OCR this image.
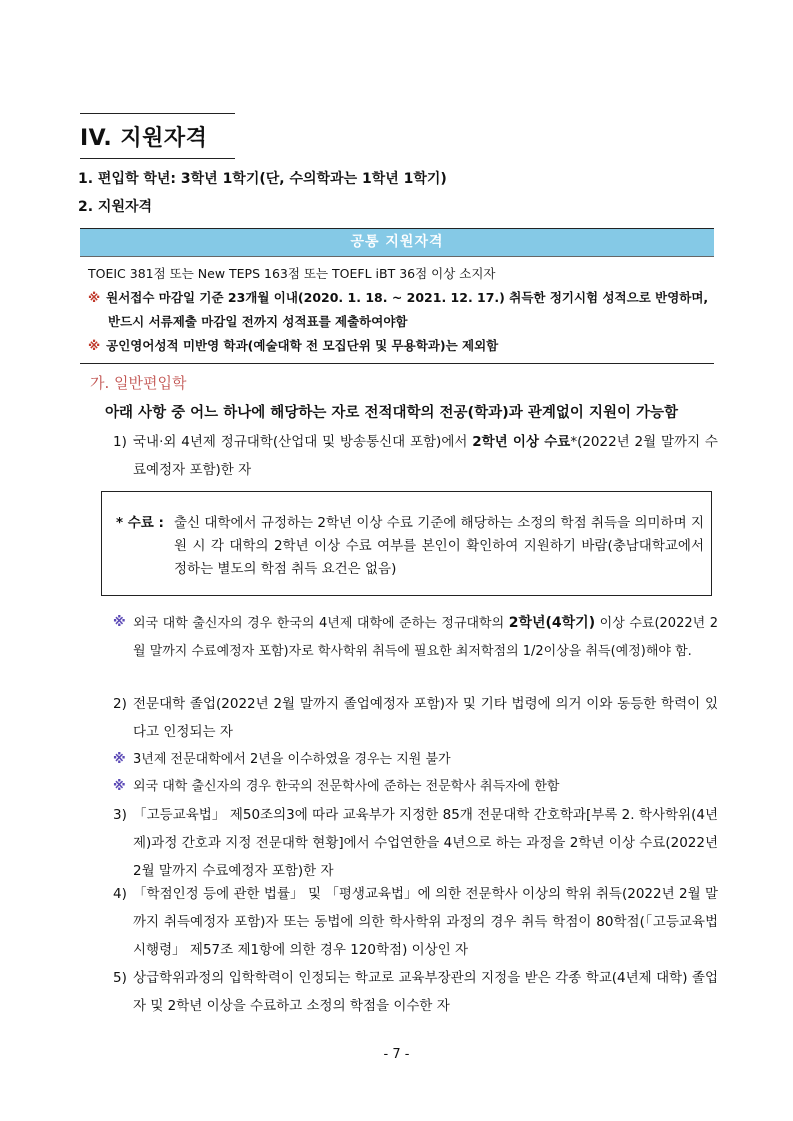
IV. 지원자격
1. 편입학 학년: 3학년 1학기(단, 수의학과는 1학년 1학기)
2. 지원자격
공통 지원자격
TOEIC 381점 또는 New TEPS 163점 또는 TOEFL iBT 36점 이상 소지자
※ 원서접수 마감일 기준 23개월 이내(2020. 1. 18. ~ 2021. 12. 17.) 취득한 정기시험 성적으로 반영하며,
반드시 서류제출 마감일 전까지 성적표를 제출하여야함
※ 공인영어성적 미반영 학과(예술대학 전 모집단위 및 무용학과)는 제외함
가. 일반편입학
아래 사항 중 어느 하나에 해당하는 자로 전적대학의 전공(학과)과 관계없이 지원이 가능함
1) 국내·외 4년제 정규대학(산업대 및 방송통신대 포함)에서 2학년 이상 수료*(2022년 2월 말까지 수료예정자 포함)한 자
* 수료 : 출신 대학에서 규정하는 2학년 이상 수료 기준에 해당하는 소정의 학점 취득을 의미하며 지원 시 각 대학의 2학년 이상 수료 여부를 본인이 확인하여 지원하기 바람(충남대학교에서 정하는 별도의 학점 취득 요건은 없음)
※ 외국 대학 출신자의 경우 한국의 4년제 대학에 준하는 정규대학의 2학년(4학기) 이상 수료(2022년 2월 말까지 수료예정자 포함)자로 학사학위 취득에 필요한 최저학점의 1/2이상을 취득(예정)해야 함.
2) 전문대학 졸업(2022년 2월 말까지 졸업예정자 포함)자 및 기타 법령에 의거 이와 동등한 학력이 있다고 인정되는 자
※ 3년제 전문대학에서 2년을 이수하였을 경우는 지원 불가
※ 외국 대학 출신자의 경우 한국의 전문학사에 준하는 전문학사 취득자에 한함
3) 「고등교육법」 제50조의3에 따라 교육부가 지정한 85개 전문대학 간호학과[부록 2. 학사학위(4년제)과정 간호과 지정 전문대학 현황]에서 수업연한을 4년으로 하는 과정을 2학년 이상 수료(2022년 2월 말까지 수료예정자 포함)한 자
4) 「학점인정 등에 관한 법률」 및 「평생교육법」에 의한 전문학사 이상의 학위 취득(2022년 2월 말까지 취득예정자 포함)자 또는 동법에 의한 학사학위 과정의 경우 취득 학점이 80학점(「고등교육법 시행령」 제57조 제1항에 의한 경우 120학점) 이상인 자
5) 상급학위과정의 입학학력이 인정되는 학교로 교육부장관의 지정을 받은 각종 학교(4년제 대학) 졸업자 및 2학년 이상을 수료하고 소정의 학점을 이수한 자
- 7 -
